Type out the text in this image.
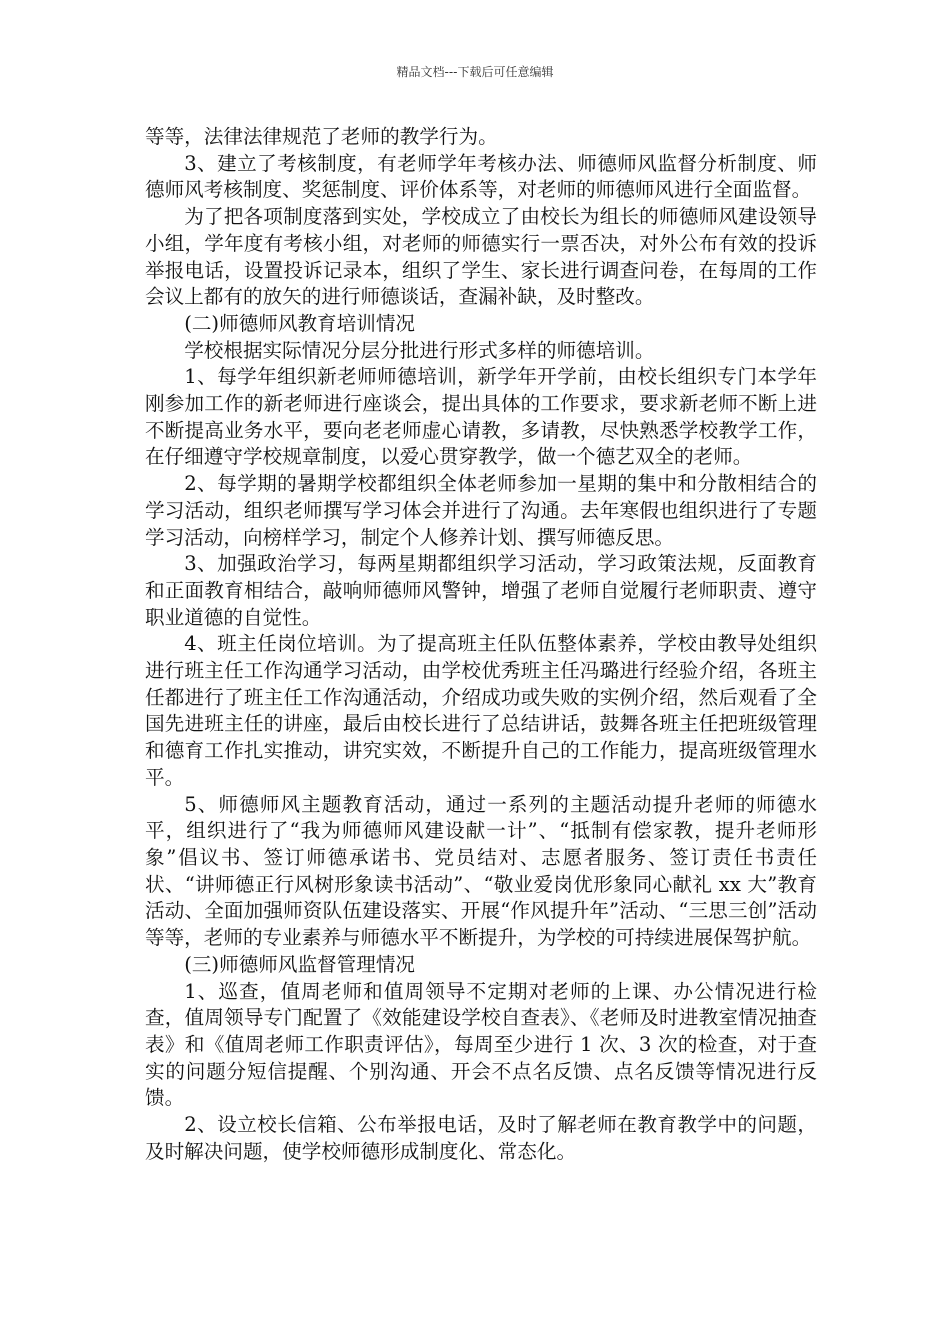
精品文档---下载后可任意编辑

等等，法律法律规范了老师的教学行为。

3、建立了考核制度，有老师学年考核办法、师德师风监督分析制度、师德师风考核制度、奖惩制度、评价体系等，对老师的师德师风进行全面监督。

为了把各项制度落到实处，学校成立了由校长为组长的师德师风建设领导小组，学年度有考核小组，对老师的师德实行一票否决，对外公布有效的投诉举报电话，设置投诉记录本，组织了学生、家长进行调查问卷，在每周的工作会议上都有的放矢的进行师德谈话，查漏补缺，及时整改。

(二)师德师风教育培训情况

学校根据实际情况分层分批进行形式多样的师德培训。

1、每学年组织新老师师德培训，新学年开学前，由校长组织专门本学年刚参加工作的新老师进行座谈会，提出具体的工作要求，要求新老师不断上进不断提高业务水平，要向老老师虚心请教，多请教，尽快熟悉学校教学工作，在仔细遵守学校规章制度，以爱心贯穿教学，做一个德艺双全的老师。

2、每学期的暑期学校都组织全体老师参加一星期的集中和分散相结合的学习活动，组织老师撰写学习体会并进行了沟通。去年寒假也组织进行了专题学习活动，向榜样学习，制定个人修养计划、撰写师德反思。

3、加强政治学习，每两星期都组织学习活动，学习政策法规，反面教育和正面教育相结合，敲响师德师风警钟，增强了老师自觉履行老师职责、遵守职业道德的自觉性。

4、班主任岗位培训。为了提高班主任队伍整体素养，学校由教导处组织进行班主任工作沟通学习活动，由学校优秀班主任冯璐进行经验介绍，各班主任都进行了班主任工作沟通活动，介绍成功或失败的实例介绍，然后观看了全国先进班主任的讲座，最后由校长进行了总结讲话，鼓舞各班主任把班级管理和德育工作扎实推动，讲究实效，不断提升自己的工作能力，提高班级管理水平。

5、师德师风主题教育活动，通过一系列的主题活动提升老师的师德水平，组织进行了“我为师德师风建设献一计”、“抵制有偿家教，提升老师形象”倡议书、签订师德承诺书、党员结对、志愿者服务、签订责任书责任状、“讲师德正行风树形象读书活动”、“敬业爱岗优形象同心献礼 xx 大”教育活动、全面加强师资队伍建设落实、开展“作风提升年”活动、“三思三创”活动等等，老师的专业素养与师德水平不断提升，为学校的可持续进展保驾护航。

(三)师德师风监督管理情况

1、巡查，值周老师和值周领导不定期对老师的上课、办公情况进行检查，值周领导专门配置了《效能建设学校自查表》、《老师及时进教室情况抽查表》和《值周老师工作职责评估》，每周至少进行 1 次、3 次的检查，对于查实的问题分短信提醒、个别沟通、开会不点名反馈、点名反馈等情况进行反馈。

2、设立校长信箱、公布举报电话，及时了解老师在教育教学中的问题，及时解决问题，使学校师德形成制度化、常态化。
